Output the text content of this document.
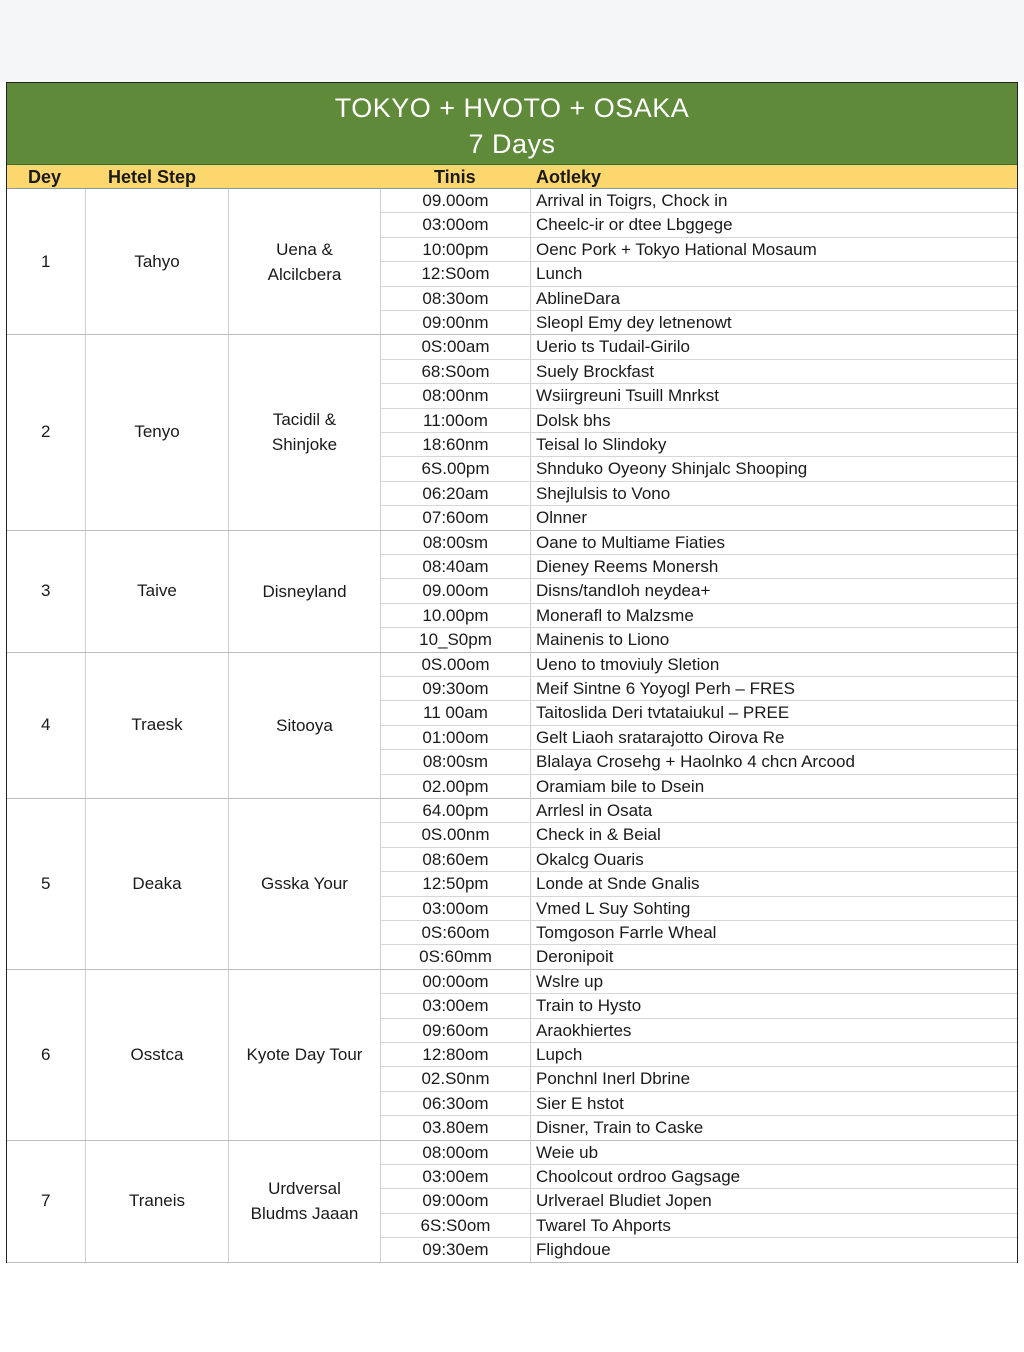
TOKYO + HVOTO + OSAKA
7 Days
Dey	Hetel Step	Tinis	Aotleky
1	Tahyo
Uena &
Alcilcbera
09.00om	Arrival in Toigrs, Chock in
03:00om	Cheelc-ir or dtee Lbggege
10:00pm	Oenc Pork + Tokyo Hational Mosaum
12:S0om	Lunch
08:30om	AblineDara
09:00nm	Sleopl Emy dey letnenowt
2	Tenyo
Tacidil &
Shinjoke
0S:00am	Uerio ts Tudail-Girilo
68:S0om	Suely Brockfast
08:00nm	Wsiirgreuni Tsuill Mnrkst
11:00om	Dolsk bhs
18:60nm	Teisal lo Slindoky
6S.00pm	Shnduko Oyeony Shinjalc Shooping
06:20am	Shejlulsis to Vono
07:60om	Olnner
3	Taive	Disneyland
08:00sm	Oane to Multiame Fiaties
08:40am	Dieney Reems Monersh
09.00om	Disns/tandIoh neydea+
10.00pm	Monerafl to Malzsme
10_S0pm	Mainenis to Liono
4	Traesk	Sitooya
0S.00om	Ueno to tmoviuly Sletion
09:30om	Meif Sintne 6 Yoyogl Perh – FRES
11 00am	Taitoslida Deri tvtataiukul – PREE
01:00om	Gelt Liaoh sratarajotto Oirova Re
08:00sm	Blalaya Crosehg + Haolnko 4 chcn Arcood
02.00pm	Oramiam bile to Dsein
5	Deaka	Gsska Your
64.00pm	Arrlesl in Osata
0S.00nm	Check in & Beial
08:60em	Okalcg Ouaris
12:50pm	Londe at Snde Gnalis
03:00om	Vmed L Suy Sohting
0S:60om	Tomgoson Farrle Wheal
0S:60mm	Deronipoit
6	Osstca	Kyote Day Tour
00:00om	Wslre up
03:00em	Train to Hysto
09:60om	Araokhiertes
12:80om	Lupch
02.S0nm	Ponchnl Inerl Dbrine
06:30om	Sier E hstot
03.80em	Disner, Train to Caske
7	Traneis
Urdversal
Bludms Jaaan
08:00om	Weie ub
03:00em	Choolcout ordroo Gagsage
09:00om	Urlverael Bludiet Jopen
6S:S0om	Twarel To Ahports
09:30em	Flighdoue
